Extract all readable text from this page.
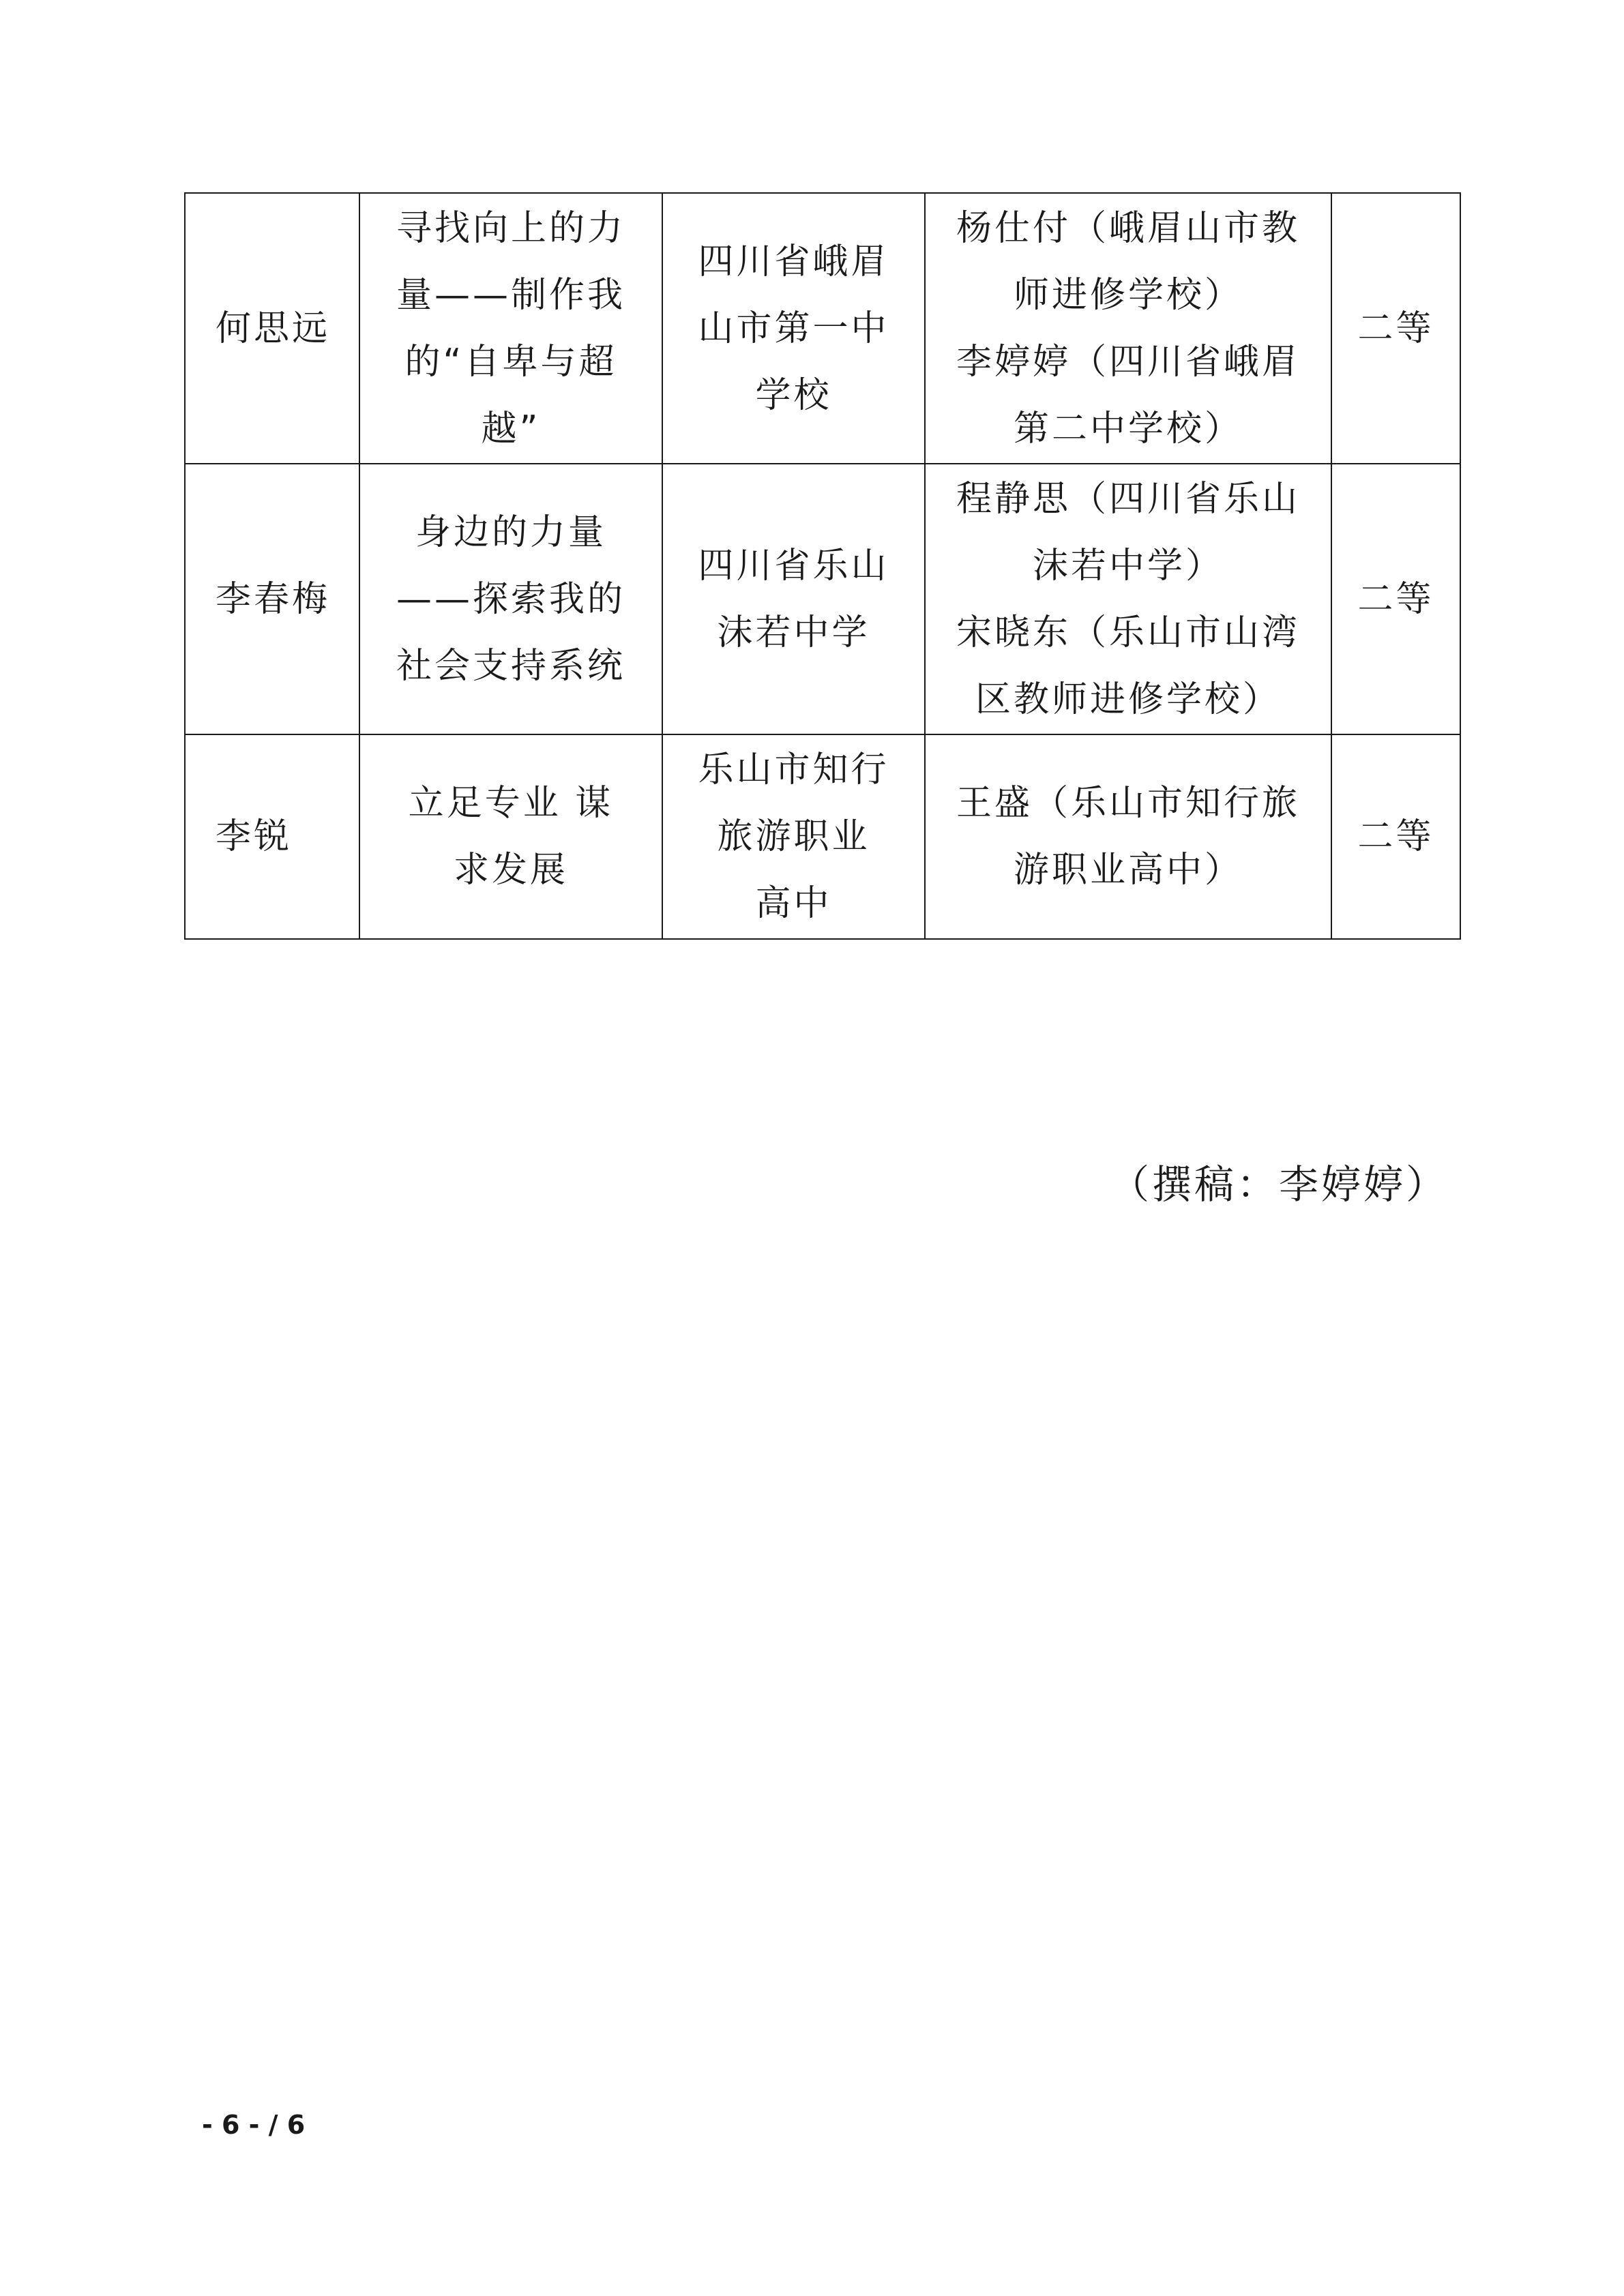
何思远	寻找向上的力
量——制作我
的“自卑与超
越”	四川省峨眉
山市第一中
学校	杨仕付（峨眉山市教
师进修学校）
李婷婷（四川省峨眉
第二中学校）	二等
李春梅	身边的力量
——探索我的
社会支持系统	四川省乐山
沫若中学	程静思（四川省乐山
沫若中学）
宋晓东（乐山市山湾
区教师进修学校）	二等
李锐	立足专业 谋
求发展	乐山市知行
旅游职业
高中	王盛（乐山市知行旅
游职业高中）	二等
（撰稿：李婷婷）
- 6 - / 6
